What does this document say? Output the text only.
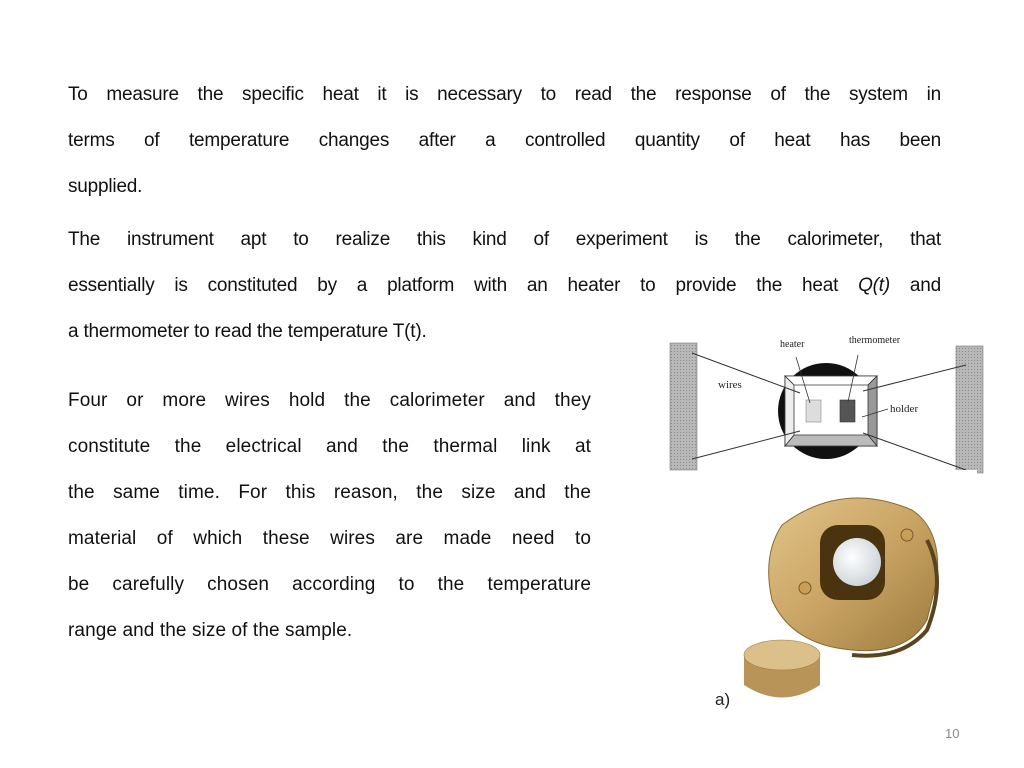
To measure the specific heat it is necessary to read the response of the system in
terms of temperature changes after a controlled quantity of heat has been
supplied.
The instrument apt to realize this kind of experiment is the calorimeter, that
essentially is constituted by a platform with an heater to provide the heat Q(t) and
a thermometer to read the temperature T(t).
Four or more wires hold the calorimeter and they
constitute the electrical and the thermal link at
the same time. For this reason, the size and the
material of which these wires are made need to
be carefully chosen according to the temperature
range and the size of the sample.
heater	thermometer
wires
holder
a)
10
